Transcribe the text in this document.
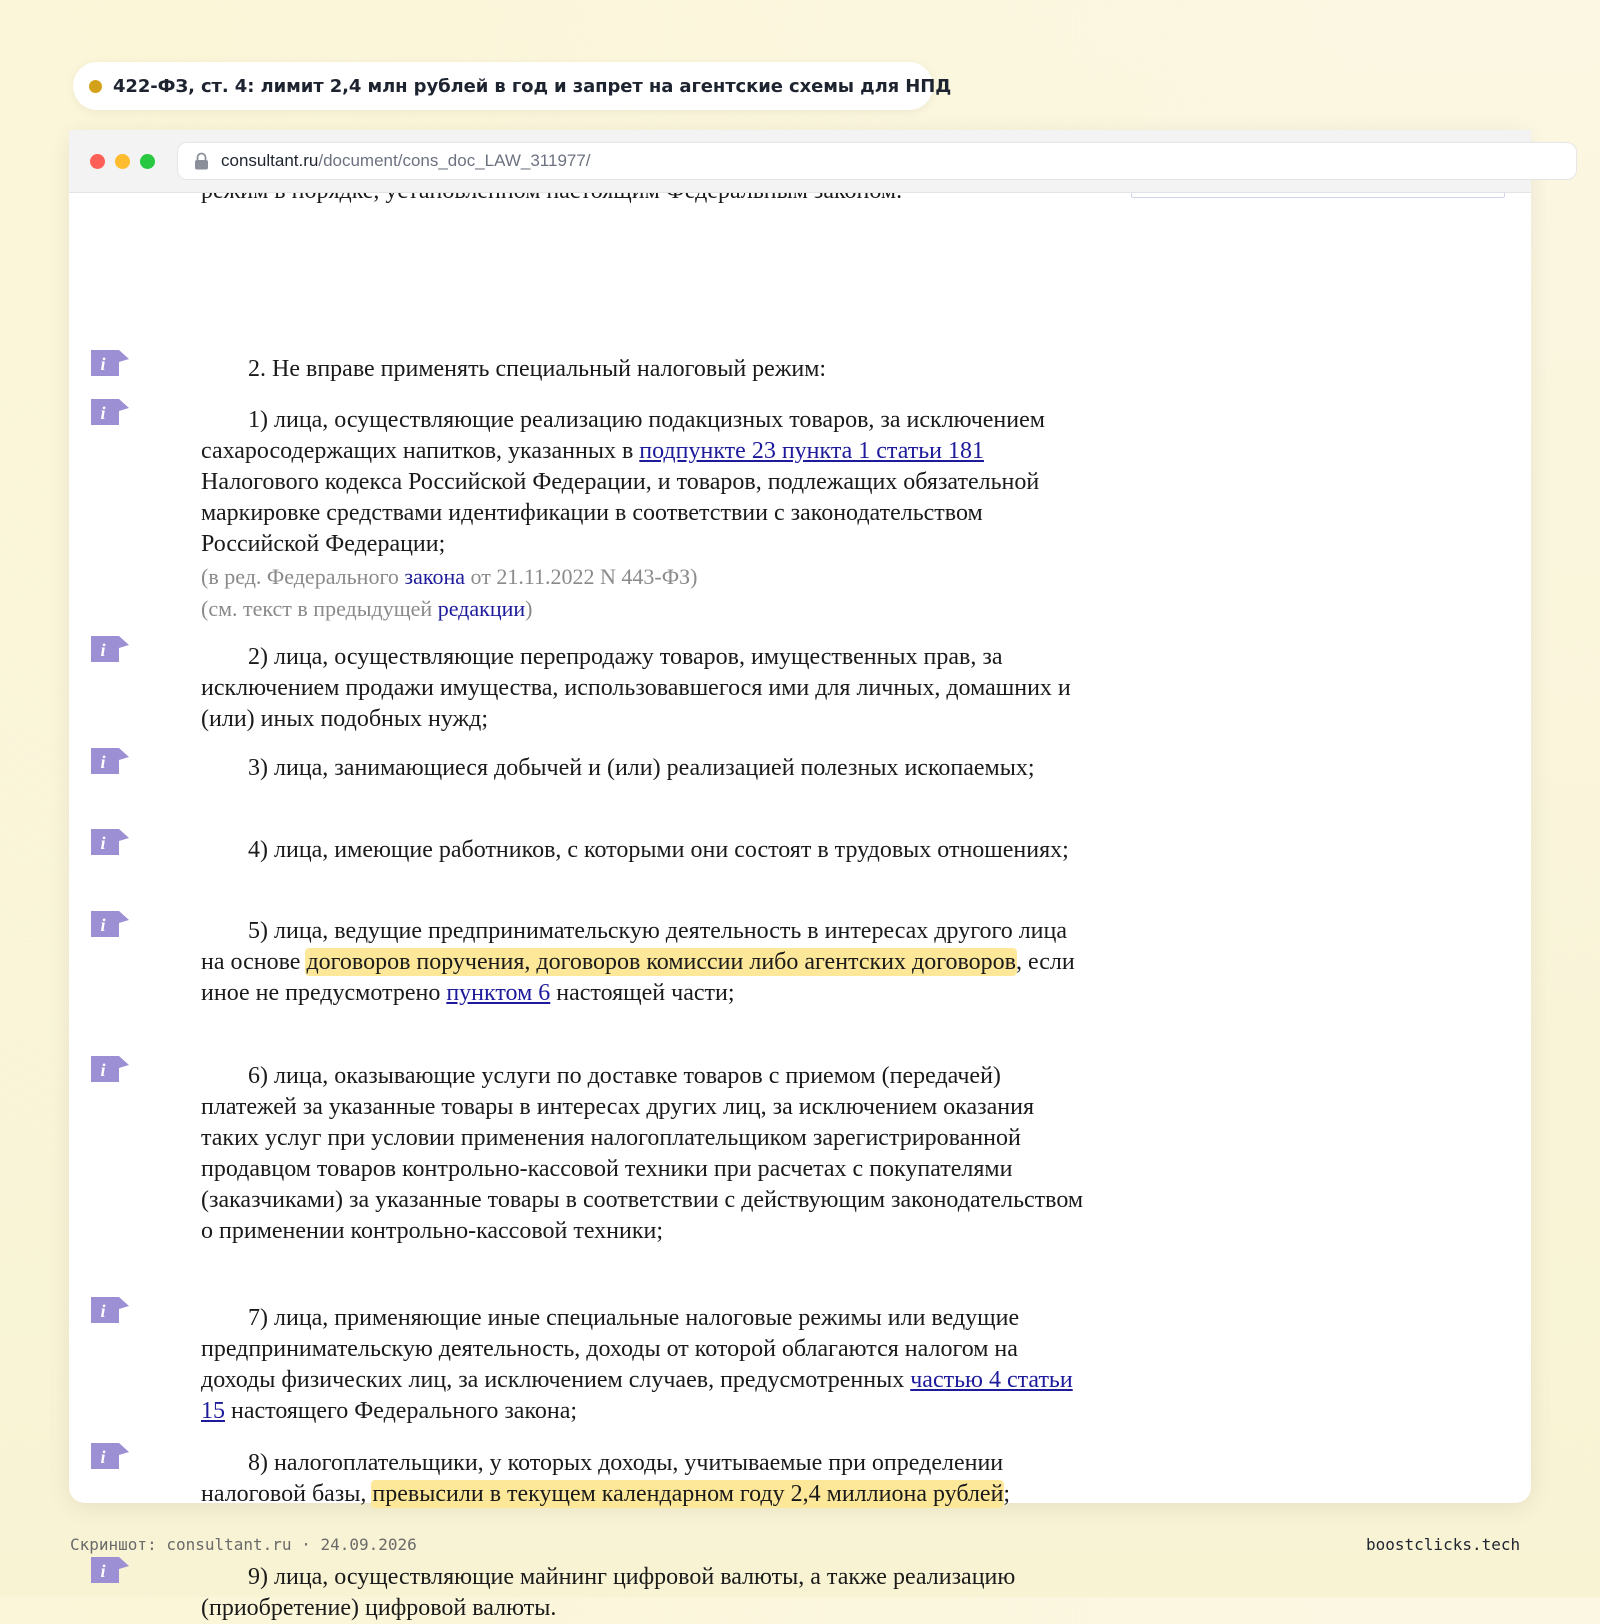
422-ФЗ, ст. 4: лимит 2,4 млн рублей в год и запрет на агентские схемы для НПД
consultant.ru /document/cons_doc_LAW_311977/
i
i
i
i
i
i
i
i
i
i

2. Не вправе применять специальный налоговый режим:

1) лица, осуществляющие реализацию подакцизных товаров, за исключением сахаросодержащих напитков, указанных в подпункте 23 пункта 1 статьи 181 Налогового кодекса Российской Федерации, и товаров, подлежащих обязательной маркировке средствами идентификации в соответствии с законодательством Российской Федерации;

(в ред. Федерального закона от 21.11.2022 N 443-ФЗ)

(см. текст в предыдущей редакции)

2) лица, осуществляющие перепродажу товаров, имущественных прав, за исключением продажи имущества, использовавшегося ими для личных, домашних и (или) иных подобных нужд;

3) лица, занимающиеся добычей и (или) реализацией полезных ископаемых;

4) лица, имеющие работников, с которыми они состоят в трудовых отношениях;

5) лица, ведущие предпринимательскую деятельность в интересах другого лица на основе договоров поручения, договоров комиссии либо агентских договоров, если иное не предусмотрено пунктом 6 настоящей части;

6) лица, оказывающие услуги по доставке товаров с приемом (передачей) платежей за указанные товары в интересах других лиц, за исключением оказания таких услуг при условии применения налогоплательщиком зарегистрированной продавцом товаров контрольно-кассовой техники при расчетах с покупателями (заказчиками) за указанные товары в соответствии с действующим законодательством о применении контрольно-кассовой техники;

7) лица, применяющие иные специальные налоговые режимы или ведущие предпринимательскую деятельность, доходы от которой облагаются налогом на доходы физических лиц, за исключением случаев, предусмотренных частью 4 статьи 15 настоящего Федерального закона;

8) налогоплательщики, у которых доходы, учитываемые при определении налоговой базы, превысили в текущем календарном году 2,4 миллиона рублей;

9) лица, осуществляющие майнинг цифровой валюты, а также реализацию (приобретение) цифровой валюты.

Скриншот: consultant.ru · 24.09.2026	boostclicks.tech
